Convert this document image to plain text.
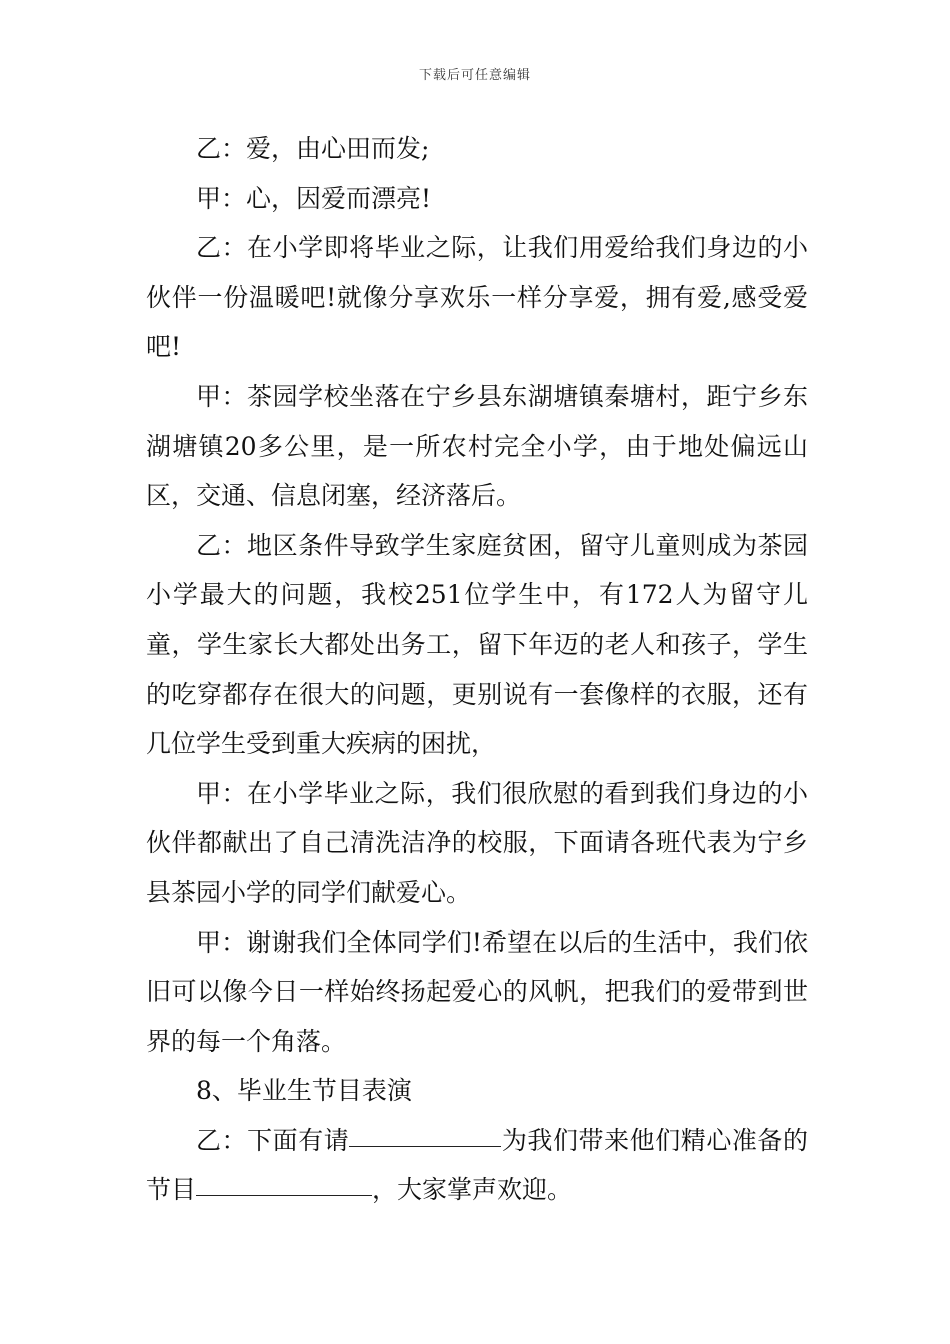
下载后可任意编辑

乙：爱，由心田而发;

甲：心，因爱而漂亮!

乙：在小学即将毕业之际，让我们用爱给我们身边的小伙伴一份温暖吧!就像分享欢乐一样分享爱，拥有爱,感受爱吧!

甲：茶园学校坐落在宁乡县东湖塘镇秦塘村，距宁乡东湖塘镇20多公里，是一所农村完全小学，由于地处偏远山区，交通、信息闭塞，经济落后。

乙：地区条件导致学生家庭贫困，留守儿童则成为茶园小学最大的问题，我校251位学生中，有172人为留守儿童，学生家长大都处出务工，留下年迈的老人和孩子，学生的吃穿都存在很大的问题，更别说有一套像样的衣服，还有几位学生受到重大疾病的困扰，

甲：在小学毕业之际，我们很欣慰的看到我们身边的小伙伴都献出了自己清洗洁净的校服，下面请各班代表为宁乡县茶园小学的同学们献爱心。

甲：谢谢我们全体同学们!希望在以后的生活中，我们依旧可以像今日一样始终扬起爱心的风帆，把我们的爱带到世界的每一个角落。

8、毕业生节目表演

乙：下面有请	为我们带来他们精心准备的节目	，大家掌声欢迎。
